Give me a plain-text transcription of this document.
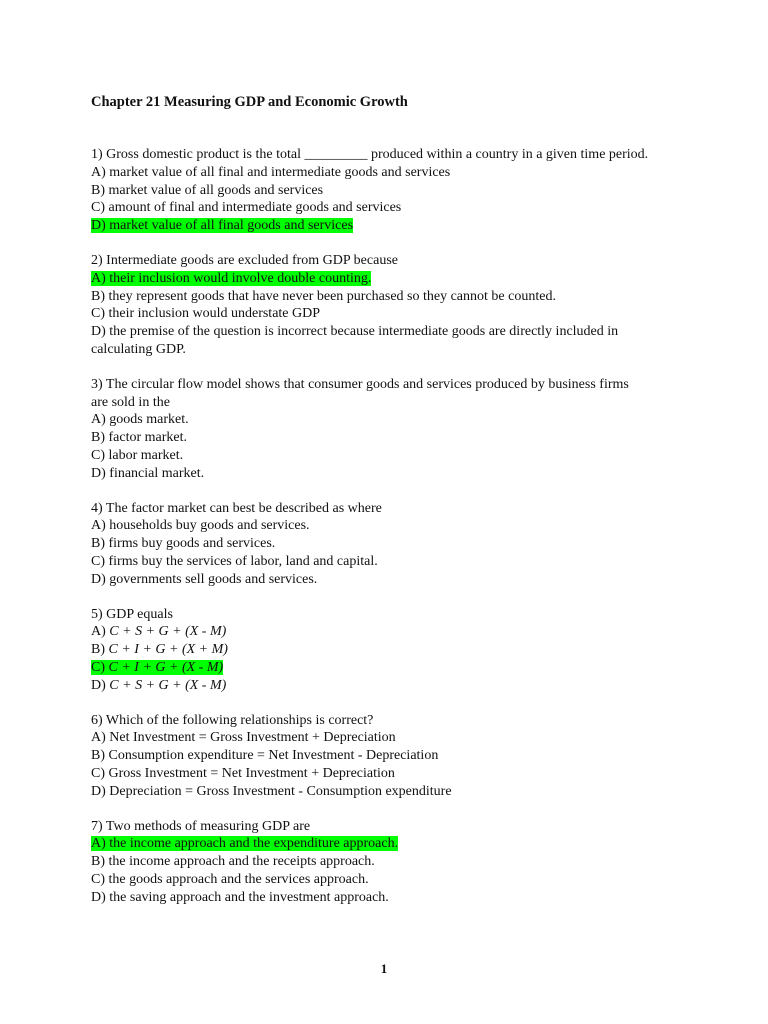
Chapter 21 Measuring GDP and Economic Growth
1) Gross domestic product is the total _________ produced within a country in a given time period.
A) market value of all final and intermediate goods and services
B) market value of all goods and services
C) amount of final and intermediate goods and services
D) market value of all final goods and services
2) Intermediate goods are excluded from GDP because
A) their inclusion would involve double counting.
B) they represent goods that have never been purchased so they cannot be counted.
C) their inclusion would understate GDP
D) the premise of the question is incorrect because intermediate goods are directly included in
calculating GDP.
3) The circular flow model shows that consumer goods and services produced by business firms
are sold in the
A) goods market.
B) factor market.
C) labor market.
D) financial market.
4) The factor market can best be described as where
A) households buy goods and services.
B) firms buy goods and services.
C) firms buy the services of labor, land and capital.
D) governments sell goods and services.
5) GDP equals
A) C + S + G + (X - M)
B) C + I + G + (X + M)
C) C + I + G + (X - M)
D) C + S + G + (X - M)
6) Which of the following relationships is correct?
A) Net Investment = Gross Investment + Depreciation
B) Consumption expenditure = Net Investment - Depreciation
C) Gross Investment = Net Investment + Depreciation
D) Depreciation = Gross Investment - Consumption expenditure
7) Two methods of measuring GDP are
A) the income approach and the expenditure approach.
B) the income approach and the receipts approach.
C) the goods approach and the services approach.
D) the saving approach and the investment approach.
1
